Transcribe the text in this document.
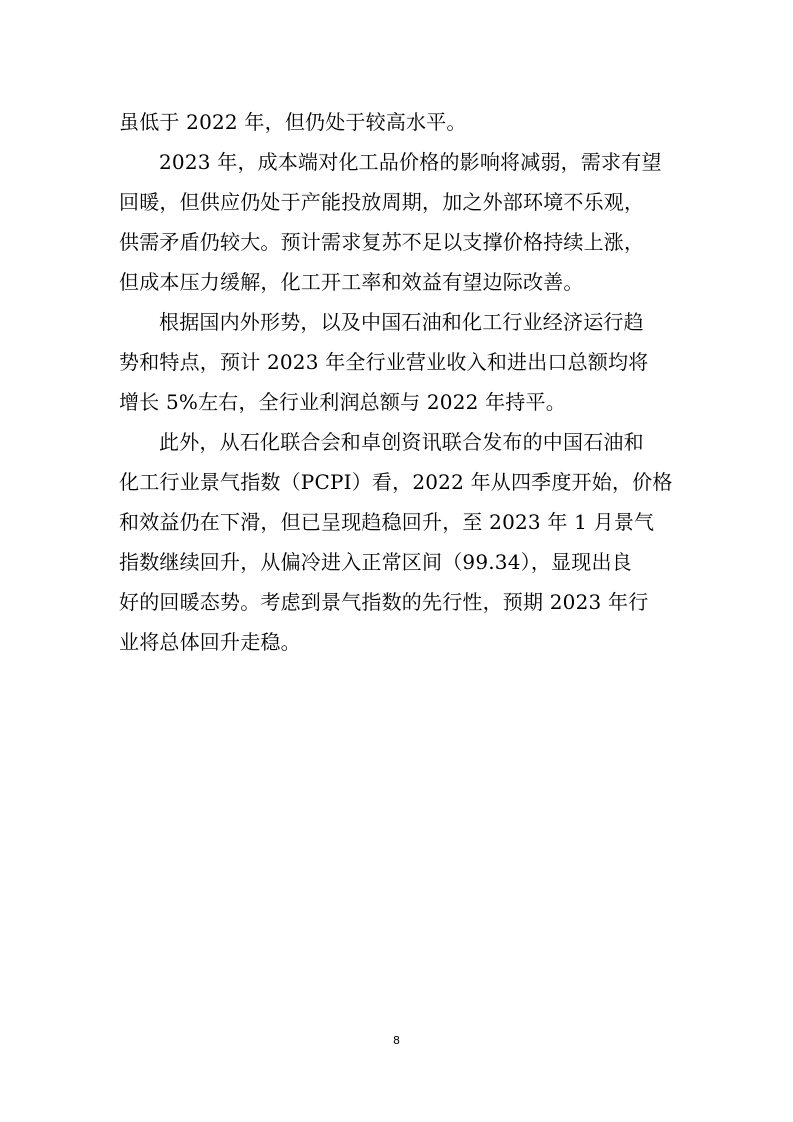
虽低于 2022 年，但仍处于较高水平。
2023 年，成本端对化工品价格的影响将减弱，需求有望
回暖，但供应仍处于产能投放周期，加之外部环境不乐观，
供需矛盾仍较大。预计需求复苏不足以支撑价格持续上涨，
但成本压力缓解，化工开工率和效益有望边际改善。
根据国内外形势，以及中国石油和化工行业经济运行趋
势和特点，预计 2023 年全行业营业收入和进出口总额均将
增长 5%左右，全行业利润总额与 2022 年持平。
此外，从石化联合会和卓创资讯联合发布的中国石油和
化工行业景气指数（PCPI）看，2022 年从四季度开始，价格
和效益仍在下滑，但已呈现趋稳回升，至 2023 年 1 月景气
指数继续回升，从偏冷进入正常区间（99.34），显现出良
好的回暖态势。考虑到景气指数的先行性，预期 2023 年行
业将总体回升走稳。
8
